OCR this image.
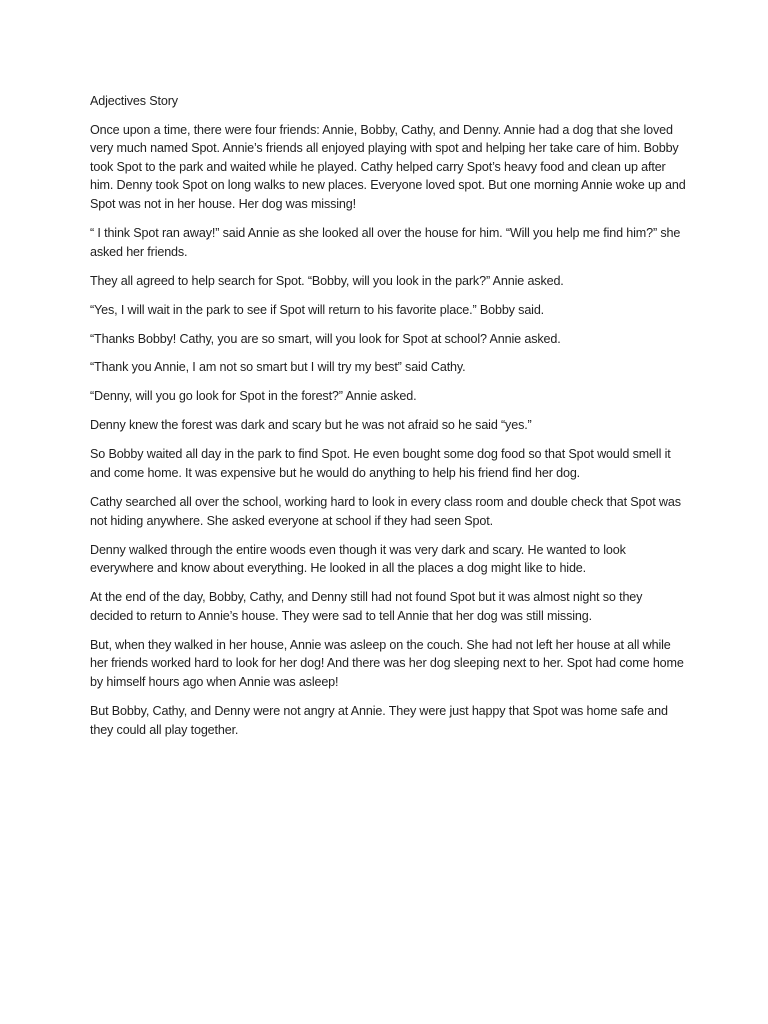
Adjectives Story

Once upon a time, there were four friends: Annie, Bobby, Cathy, and Denny. Annie had a dog that she loved very much named Spot. Annie’s friends all enjoyed playing with spot and helping her take care of him. Bobby took Spot to the park and waited while he played. Cathy helped carry Spot’s heavy food and clean up after him. Denny took Spot on long walks to new places. Everyone loved spot. But one morning Annie woke up and Spot was not in her house. Her dog was missing!

“ I think Spot ran away!” said Annie as she looked all over the house for him. “Will you help me find him?” she asked her friends.

They all agreed to help search for Spot. “Bobby, will you look in the park?” Annie asked.

“Yes, I will wait in the park to see if Spot will return to his favorite place.” Bobby said.

“Thanks Bobby! Cathy, you are so smart, will you look for Spot at school? Annie asked.

“Thank you Annie, I am not so smart but I will try my best” said Cathy.

“Denny, will you go look for Spot in the forest?” Annie asked.

Denny knew the forest was dark and scary but he was not afraid so he said “yes.”

So Bobby waited all day in the park to find Spot. He even bought some dog food so that Spot would smell it and come home. It was expensive but he would do anything to help his friend find her dog.

Cathy searched all over the school, working hard to look in every class room and double check that Spot was not hiding anywhere. She asked everyone at school if they had seen Spot.

Denny walked through the entire woods even though it was very dark and scary. He wanted to look everywhere and know about everything. He looked in all the places a dog might like to hide.

At the end of the day, Bobby, Cathy, and Denny still had not found Spot but it was almost night so they decided to return to Annie’s house. They were sad to tell Annie that her dog was still missing.

But, when they walked in her house, Annie was asleep on the couch. She had not left her house at all while her friends worked hard to look for her dog! And there was her dog sleeping next to her. Spot had come home by himself hours ago when Annie was asleep!

But Bobby, Cathy, and Denny were not angry at Annie. They were just happy that Spot was home safe and they could all play together.
